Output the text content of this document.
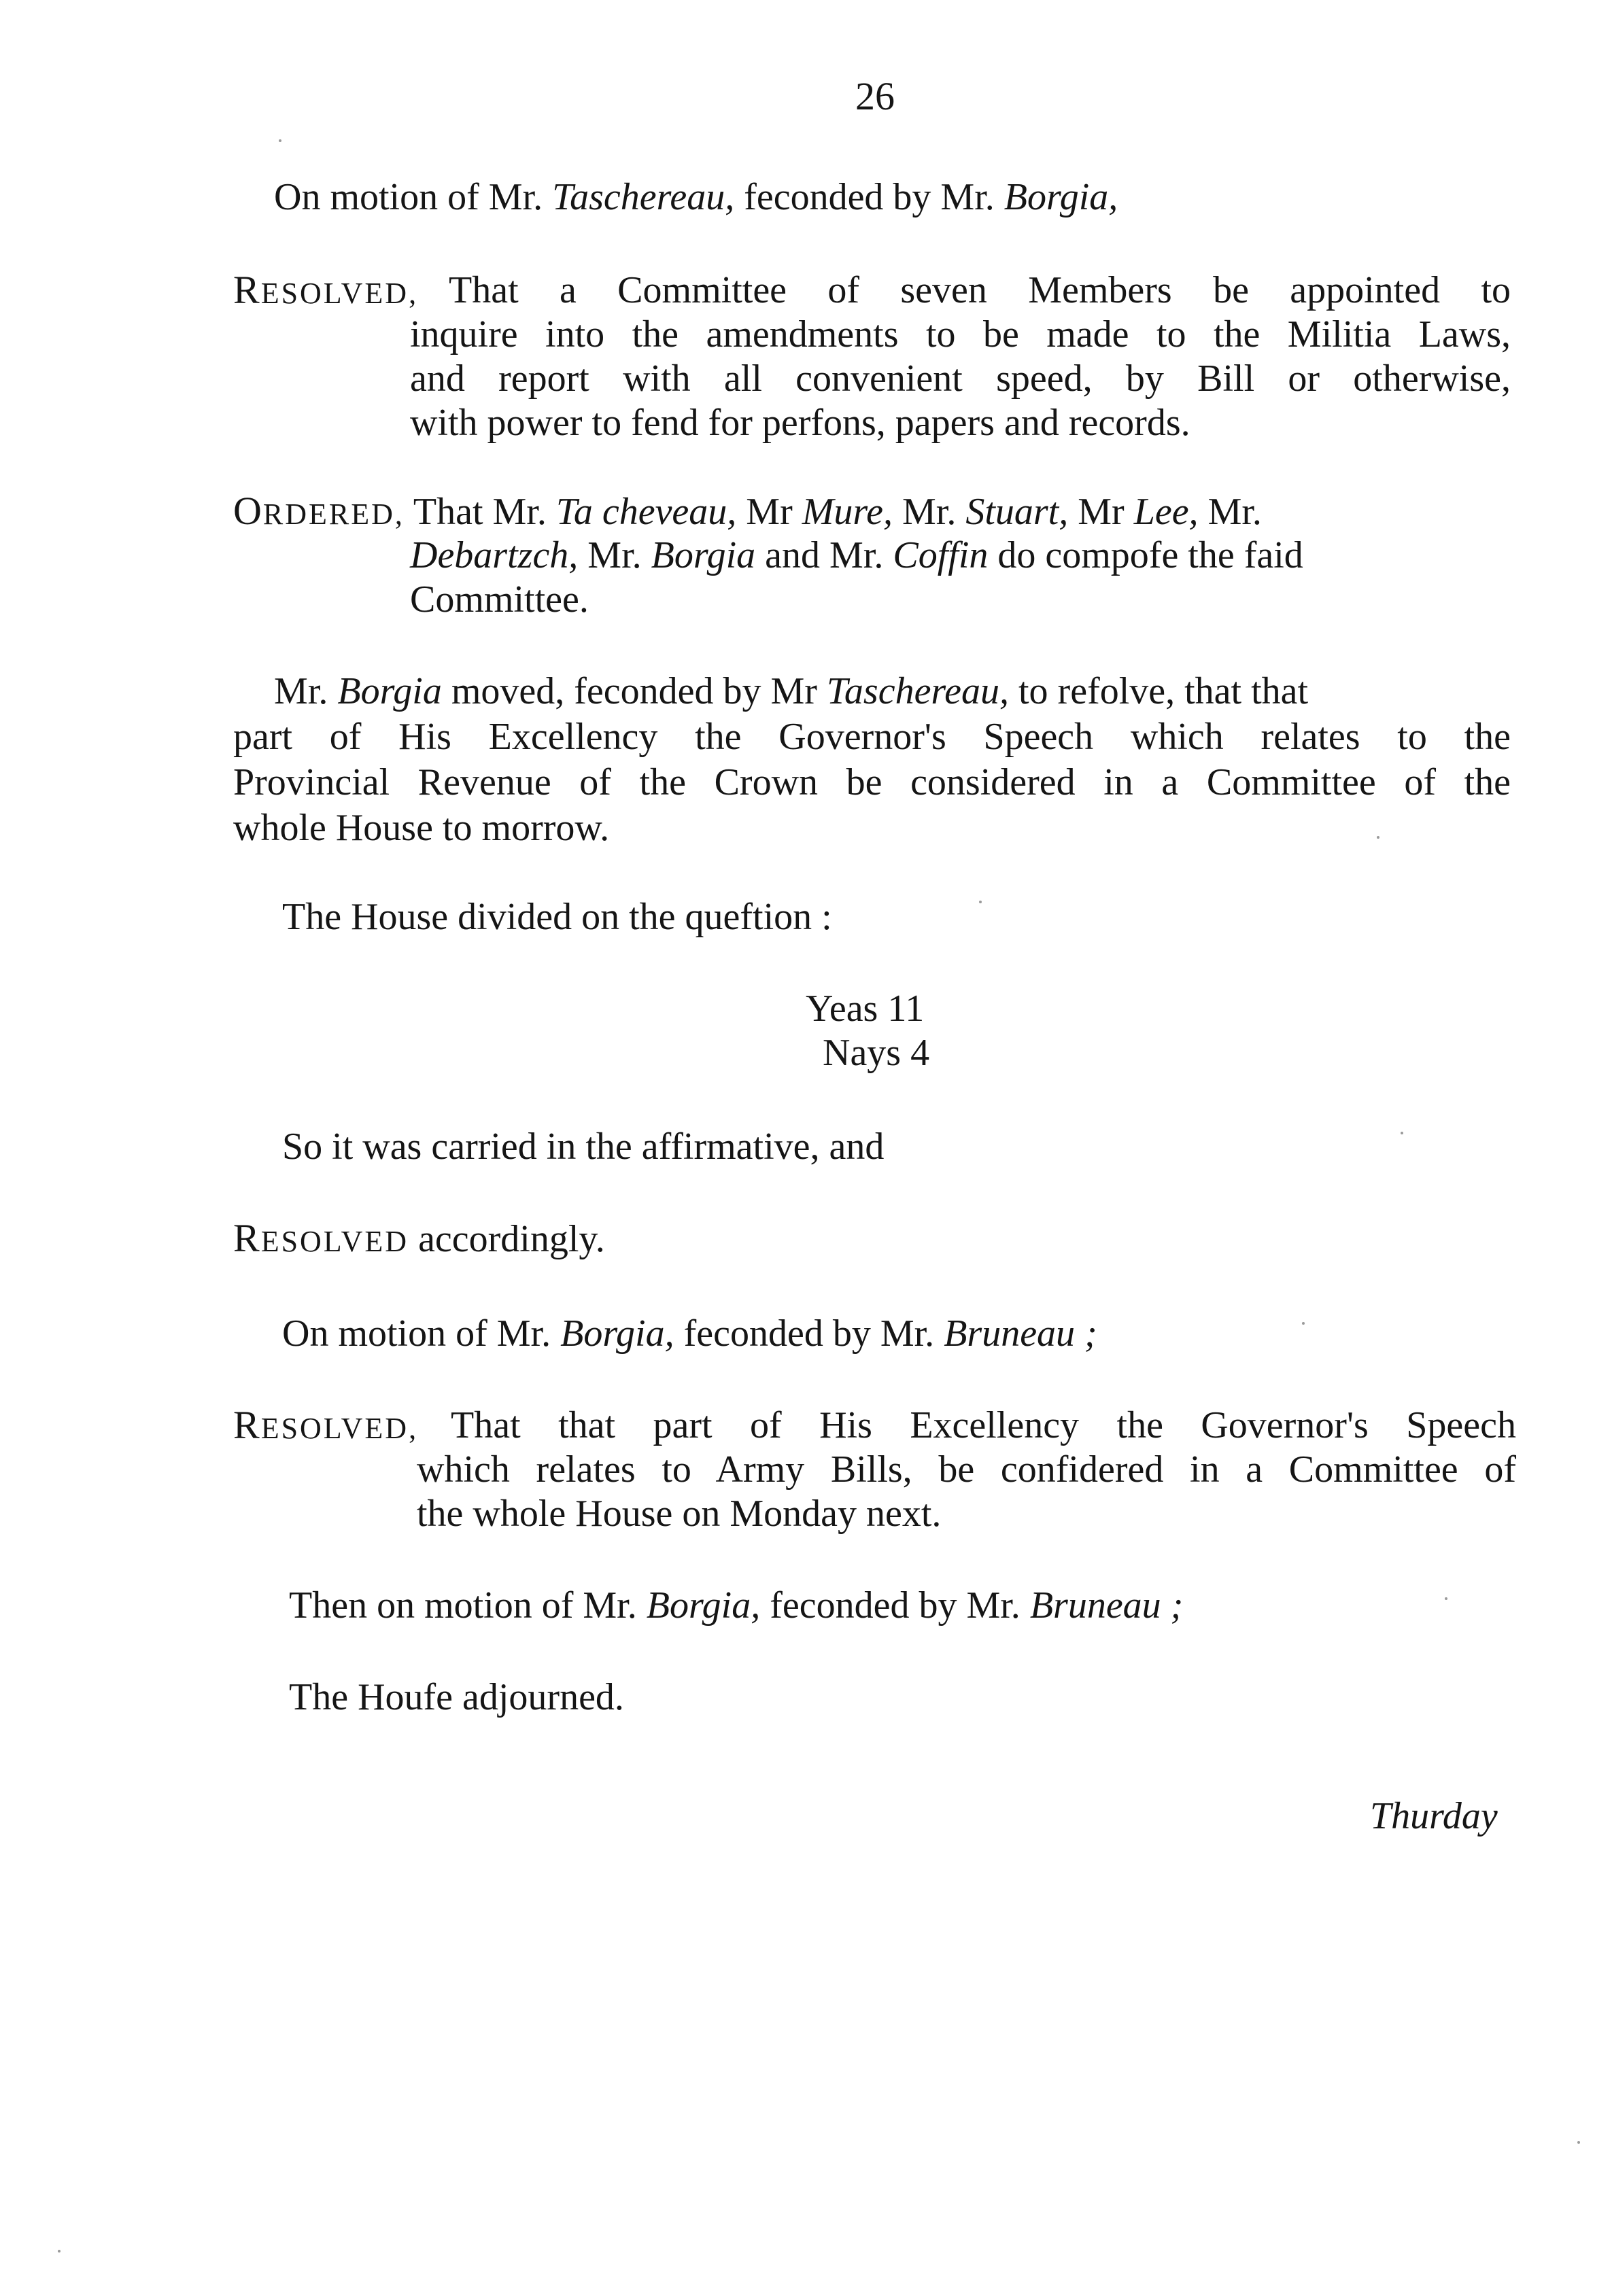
26
On motion of Mr. Taschereau, feconded by Mr. Borgia,
RESOLVED, That a Committee of seven Members be appointed to
inquire into the amendments to be made to the Militia Laws,
and report with all convenient speed, by Bill or otherwise,
with power to fend for perfons, papers and records.
ORDERED, That Mr. Ta cheveau, Mr Mure, Mr. Stuart, Mr Lee, Mr.
Debartzch, Mr. Borgia and Mr. Coffin do compofe the faid
Committee.
Mr. Borgia moved, feconded by Mr Taschereau, to refolve, that that
part of His Excellency the Governor's Speech which relates to the
Provincial Revenue of the Crown be considered in a Committee of the
whole House to morrow.
The House divided on the queftion :
Yeas 11
Nays 4
So it was carried in the affirmative, and
RESOLVED accordingly.
On motion of Mr. Borgia, feconded by Mr. Bruneau ;
RESOLVED, That that part of His Excellency the Governor's Speech
which relates to Army Bills, be confidered in a Committee of
the whole House on Monday next.
Then on motion of Mr. Borgia, feconded by Mr. Bruneau ;
The Houfe adjourned.
Thurday
